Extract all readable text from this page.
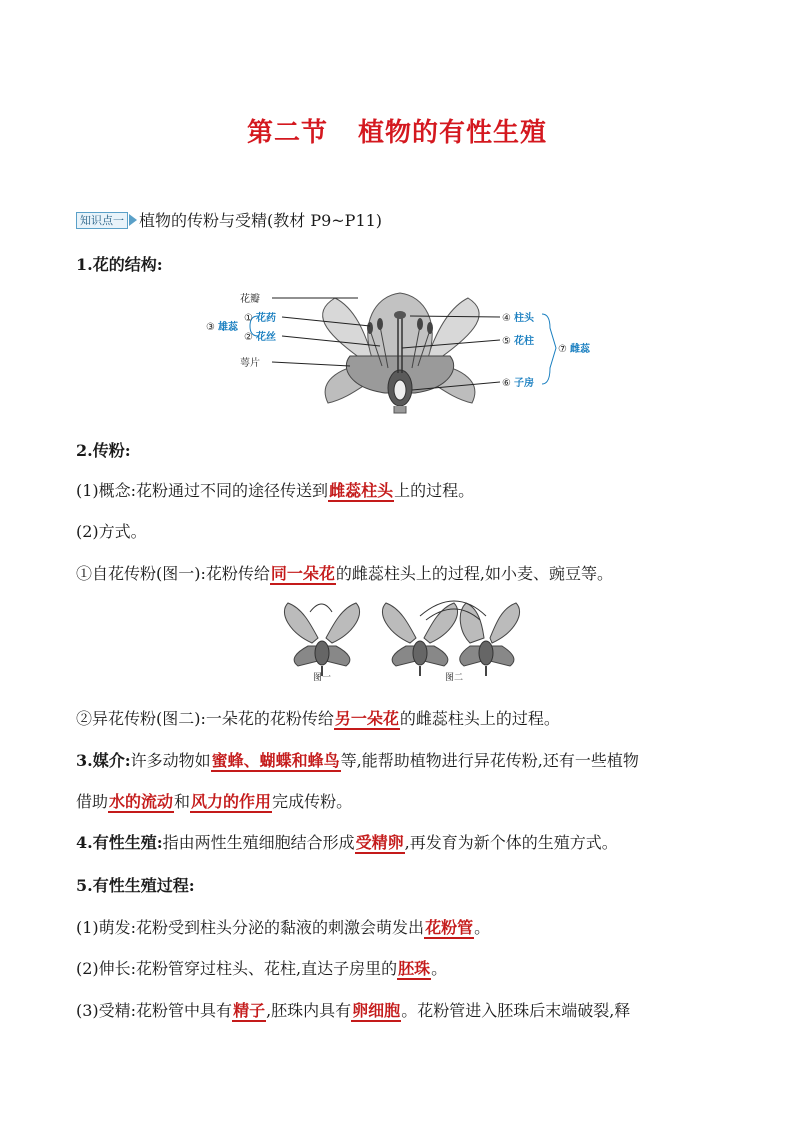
第二节 植物的有性生殖
知识点一 植物的传粉与受精(教材 P9~P11)
1.花的结构:
花瓣
① 花药
② 花丝
③ 雄蕊
萼片
④ 柱头
⑤ 花柱
⑥ 子房
⑦ 雌蕊
2.传粉:
(1)概念:花粉通过不同的途径传送到雌蕊柱头上的过程。
(2)方式。
①自花传粉(图一):花粉传给同一朵花的雌蕊柱头上的过程,如小麦、豌豆等。
图一	图二
②异花传粉(图二):一朵花的花粉传给另一朵花的雌蕊柱头上的过程。
3.媒介:许多动物如蜜蜂、蝴蝶和蜂鸟等,能帮助植物进行异花传粉,还有一些植物
借助水的流动和风力的作用完成传粉。
4.有性生殖:指由两性生殖细胞结合形成受精卵,再发育为新个体的生殖方式。
5.有性生殖过程:
(1)萌发:花粉受到柱头分泌的黏液的刺激会萌发出花粉管。
(2)伸长:花粉管穿过柱头、花柱,直达子房里的胚珠。
(3)受精:花粉管中具有精子,胚珠内具有卵细胞。花粉管进入胚珠后末端破裂,释
